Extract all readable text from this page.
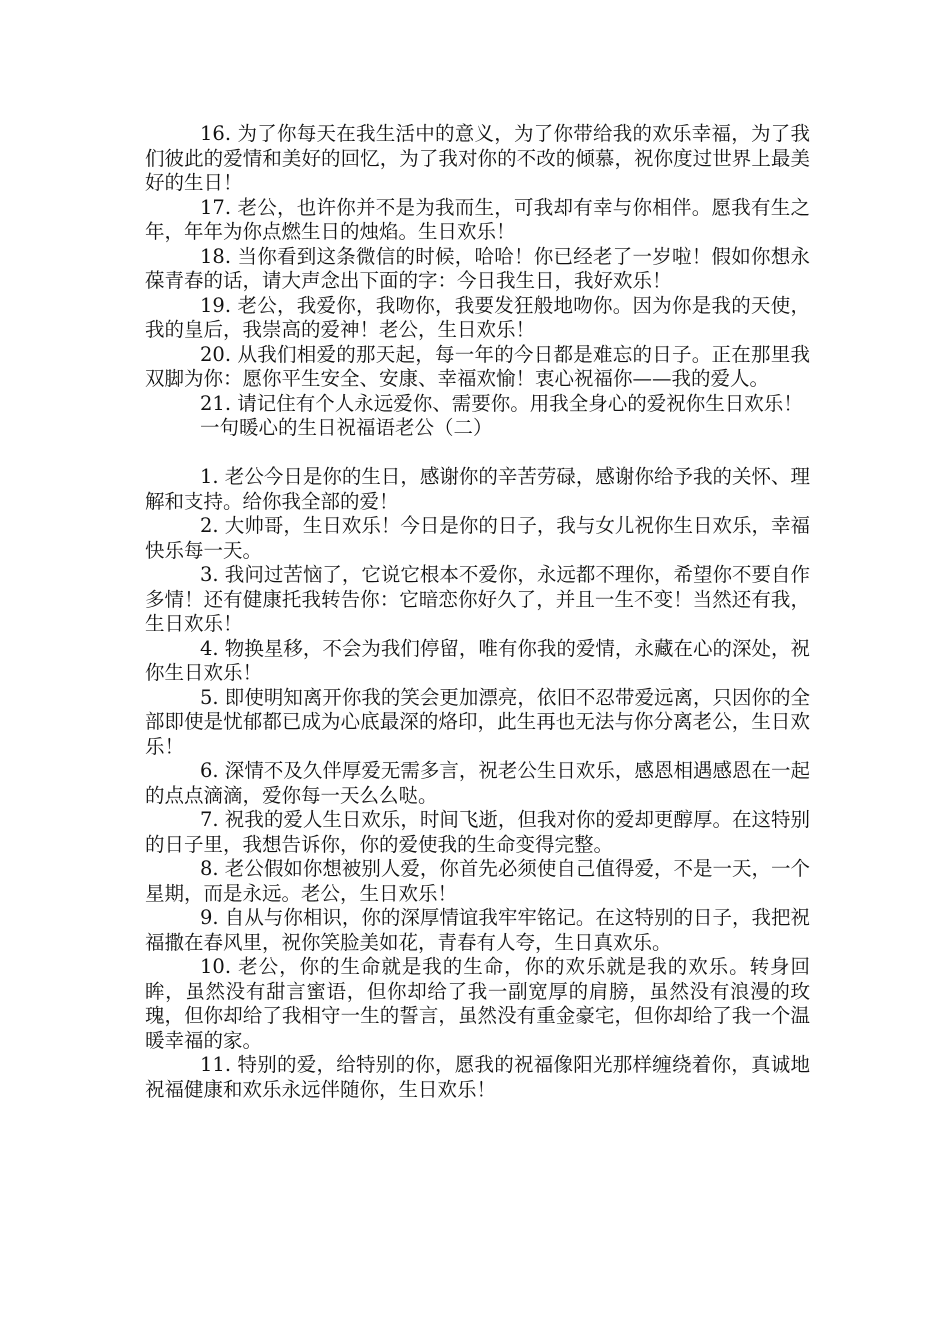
16. 为了你每天在我生活中的意义，为了你带给我的欢乐幸福，为了我们彼此的爱情和美好的回忆，为了我对你的不改的倾慕，祝你度过世界上最美好的生日！

17. 老公，也许你并不是为我而生，可我却有幸与你相伴。愿我有生之年，年年为你点燃生日的烛焰。生日欢乐！

18. 当你看到这条微信的时候，哈哈！你已经老了一岁啦！假如你想永葆青春的话，请大声念出下面的字：今日我生日，我好欢乐！

19. 老公，我爱你，我吻你，我要发狂般地吻你。因为你是我的天使，我的皇后，我崇高的爱神！老公，生日欢乐！

20. 从我们相爱的那天起，每一年的今日都是难忘的日子。正在那里我双脚为你：愿你平生安全、安康、幸福欢愉！衷心祝福你——我的爱人。

21. 请记住有个人永远爱你、需要你。用我全身心的爱祝你生日欢乐！

一句暖心的生日祝福语老公（二）

1. 老公今日是你的生日，感谢你的辛苦劳碌，感谢你给予我的关怀、理解和支持。给你我全部的爱！

2. 大帅哥，生日欢乐！今日是你的日子，我与女儿祝你生日欢乐，幸福快乐每一天。

3. 我问过苦恼了，它说它根本不爱你，永远都不理你，希望你不要自作多情！还有健康托我转告你：它暗恋你好久了，并且一生不变！当然还有我，生日欢乐！

4. 物换星移，不会为我们停留，唯有你我的爱情，永藏在心的深处，祝你生日欢乐！

5. 即使明知离开你我的笑会更加漂亮，依旧不忍带爱远离，只因你的全部即使是忧郁都已成为心底最深的烙印，此生再也无法与你分离老公，生日欢乐！

6. 深情不及久伴厚爱无需多言，祝老公生日欢乐，感恩相遇感恩在一起的点点滴滴，爱你每一天么么哒。

7. 祝我的爱人生日欢乐，时间飞逝，但我对你的爱却更醇厚。在这特别的日子里，我想告诉你，你的爱使我的生命变得完整。

8. 老公假如你想被别人爱，你首先必须使自己值得爱，不是一天，一个星期，而是永远。老公，生日欢乐！

9. 自从与你相识，你的深厚情谊我牢牢铭记。在这特别的日子，我把祝福撒在春风里，祝你笑脸美如花，青春有人夸，生日真欢乐。

10. 老公，你的生命就是我的生命，你的欢乐就是我的欢乐。转身回眸，虽然没有甜言蜜语，但你却给了我一副宽厚的肩膀，虽然没有浪漫的玫瑰，但你却给了我相守一生的誓言，虽然没有重金豪宅，但你却给了我一个温暖幸福的家。

11. 特别的爱，给特别的你，愿我的祝福像阳光那样缠绕着你，真诚地祝福健康和欢乐永远伴随你，生日欢乐！
